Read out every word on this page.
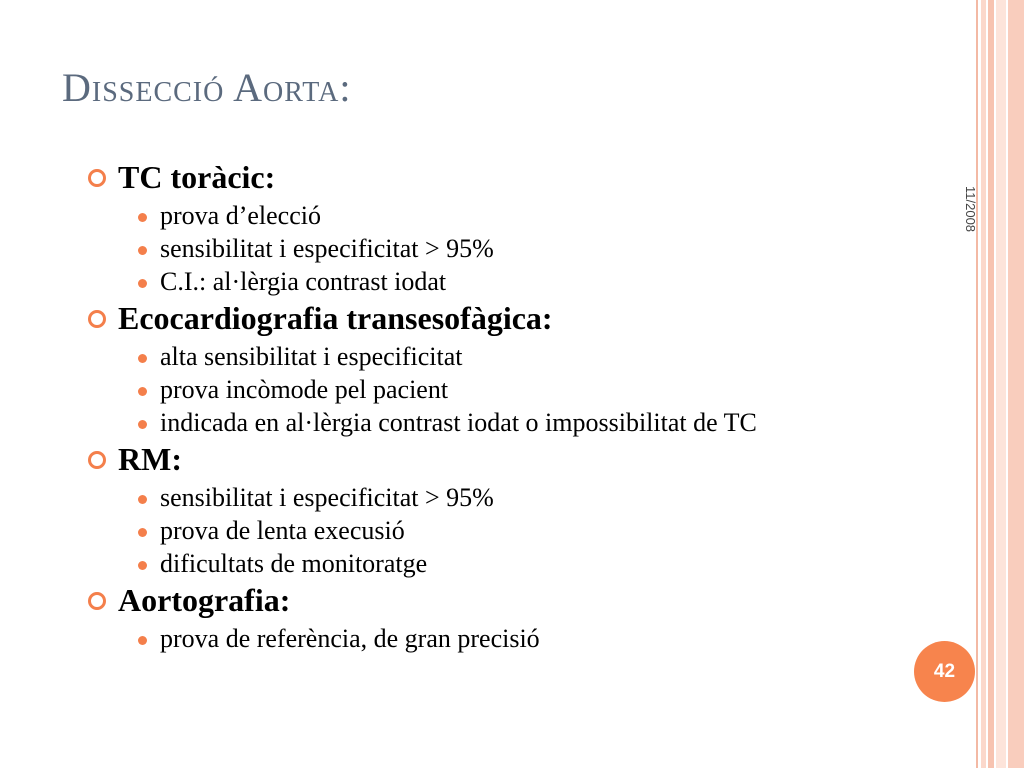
Dissecció Aorta:
11/2008
TC toràcic:
prova d’elecció
sensibilitat i especificitat > 95%
C.I.: al·lèrgia contrast iodat
Ecocardiografia transesofàgica:
alta sensibilitat i especificitat
prova incòmode pel pacient
indicada en al·lèrgia contrast iodat o impossibilitat de TC
RM:
sensibilitat i especificitat > 95%
prova de lenta execusió
dificultats de monitoratge
Aortografia:
prova de referència, de gran precisió
42
